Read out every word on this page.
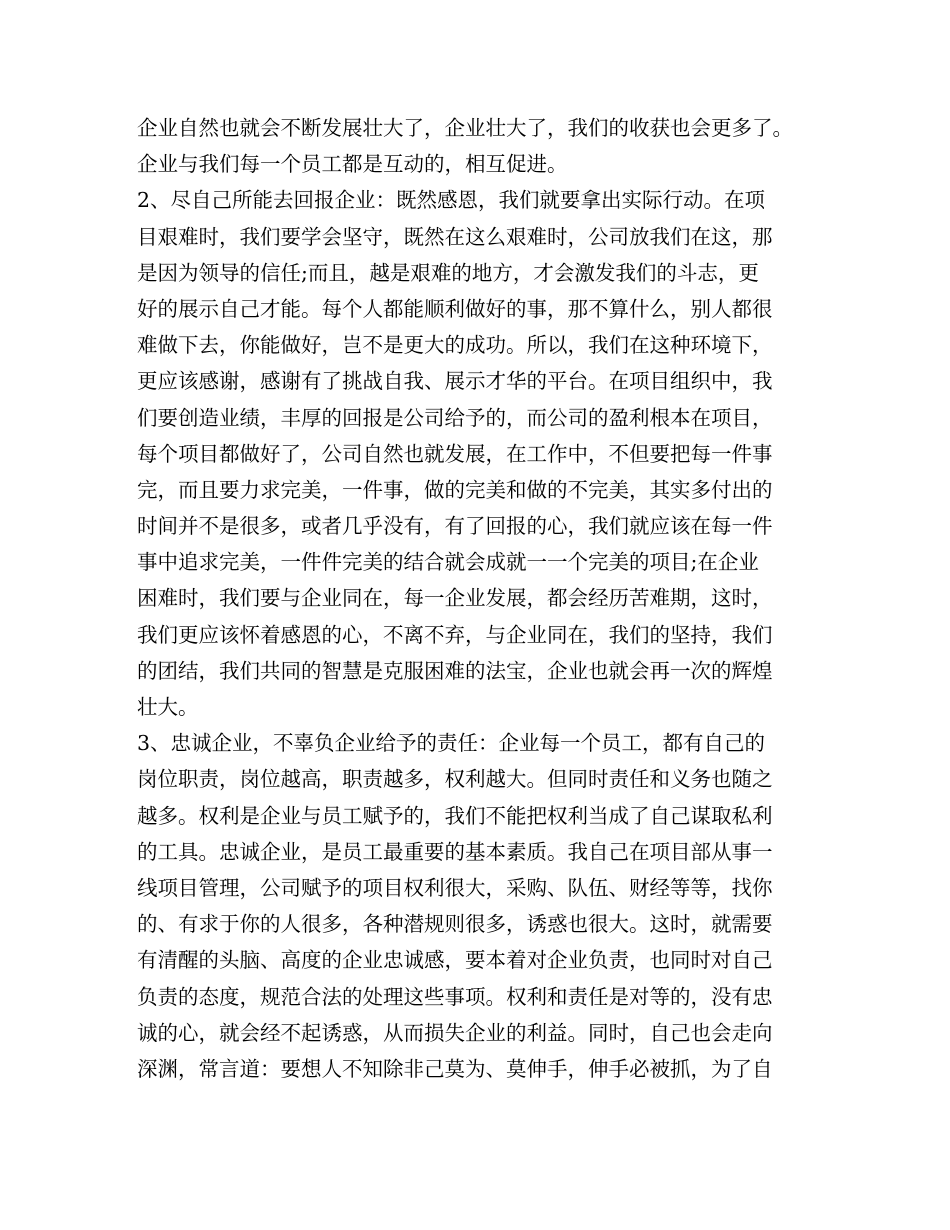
企业自然也就会不断发展壮大了，企业壮大了，我们的收获也会更多了。
企业与我们每一个员工都是互动的，相互促进。
2、尽自己所能去回报企业：既然感恩，我们就要拿出实际行动。在项
目艰难时，我们要学会坚守，既然在这么艰难时，公司放我们在这，那
是因为领导的信任;而且，越是艰难的地方，才会激发我们的斗志，更
好的展示自己才能。每个人都能顺利做好的事，那不算什么，别人都很
难做下去，你能做好，岂不是更大的成功。所以，我们在这种环境下，
更应该感谢，感谢有了挑战自我、展示才华的平台。在项目组织中，我
们要创造业绩，丰厚的回报是公司给予的，而公司的盈利根本在项目，
每个项目都做好了，公司自然也就发展，在工作中，不但要把每一件事
完，而且要力求完美，一件事，做的完美和做的不完美，其实多付出的
时间并不是很多，或者几乎没有，有了回报的心，我们就应该在每一件
事中追求完美，一件件完美的结合就会成就一一个完美的项目;在企业
困难时，我们要与企业同在，每一企业发展，都会经历苦难期，这时，
我们更应该怀着感恩的心，不离不弃，与企业同在，我们的坚持，我们
的团结，我们共同的智慧是克服困难的法宝，企业也就会再一次的辉煌
壮大。
3、忠诚企业，不辜负企业给予的责任：企业每一个员工，都有自己的
岗位职责，岗位越高，职责越多，权利越大。但同时责任和义务也随之
越多。权利是企业与员工赋予的，我们不能把权利当成了自己谋取私利
的工具。忠诚企业，是员工最重要的基本素质。我自己在项目部从事一
线项目管理，公司赋予的项目权利很大，采购、队伍、财经等等，找你
的、有求于你的人很多，各种潜规则很多，诱惑也很大。这时，就需要
有清醒的头脑、高度的企业忠诚感，要本着对企业负责，也同时对自己
负责的态度，规范合法的处理这些事项。权利和责任是对等的，没有忠
诚的心，就会经不起诱惑，从而损失企业的利益。同时，自己也会走向
深渊，常言道：要想人不知除非己莫为、莫伸手，伸手必被抓，为了自
